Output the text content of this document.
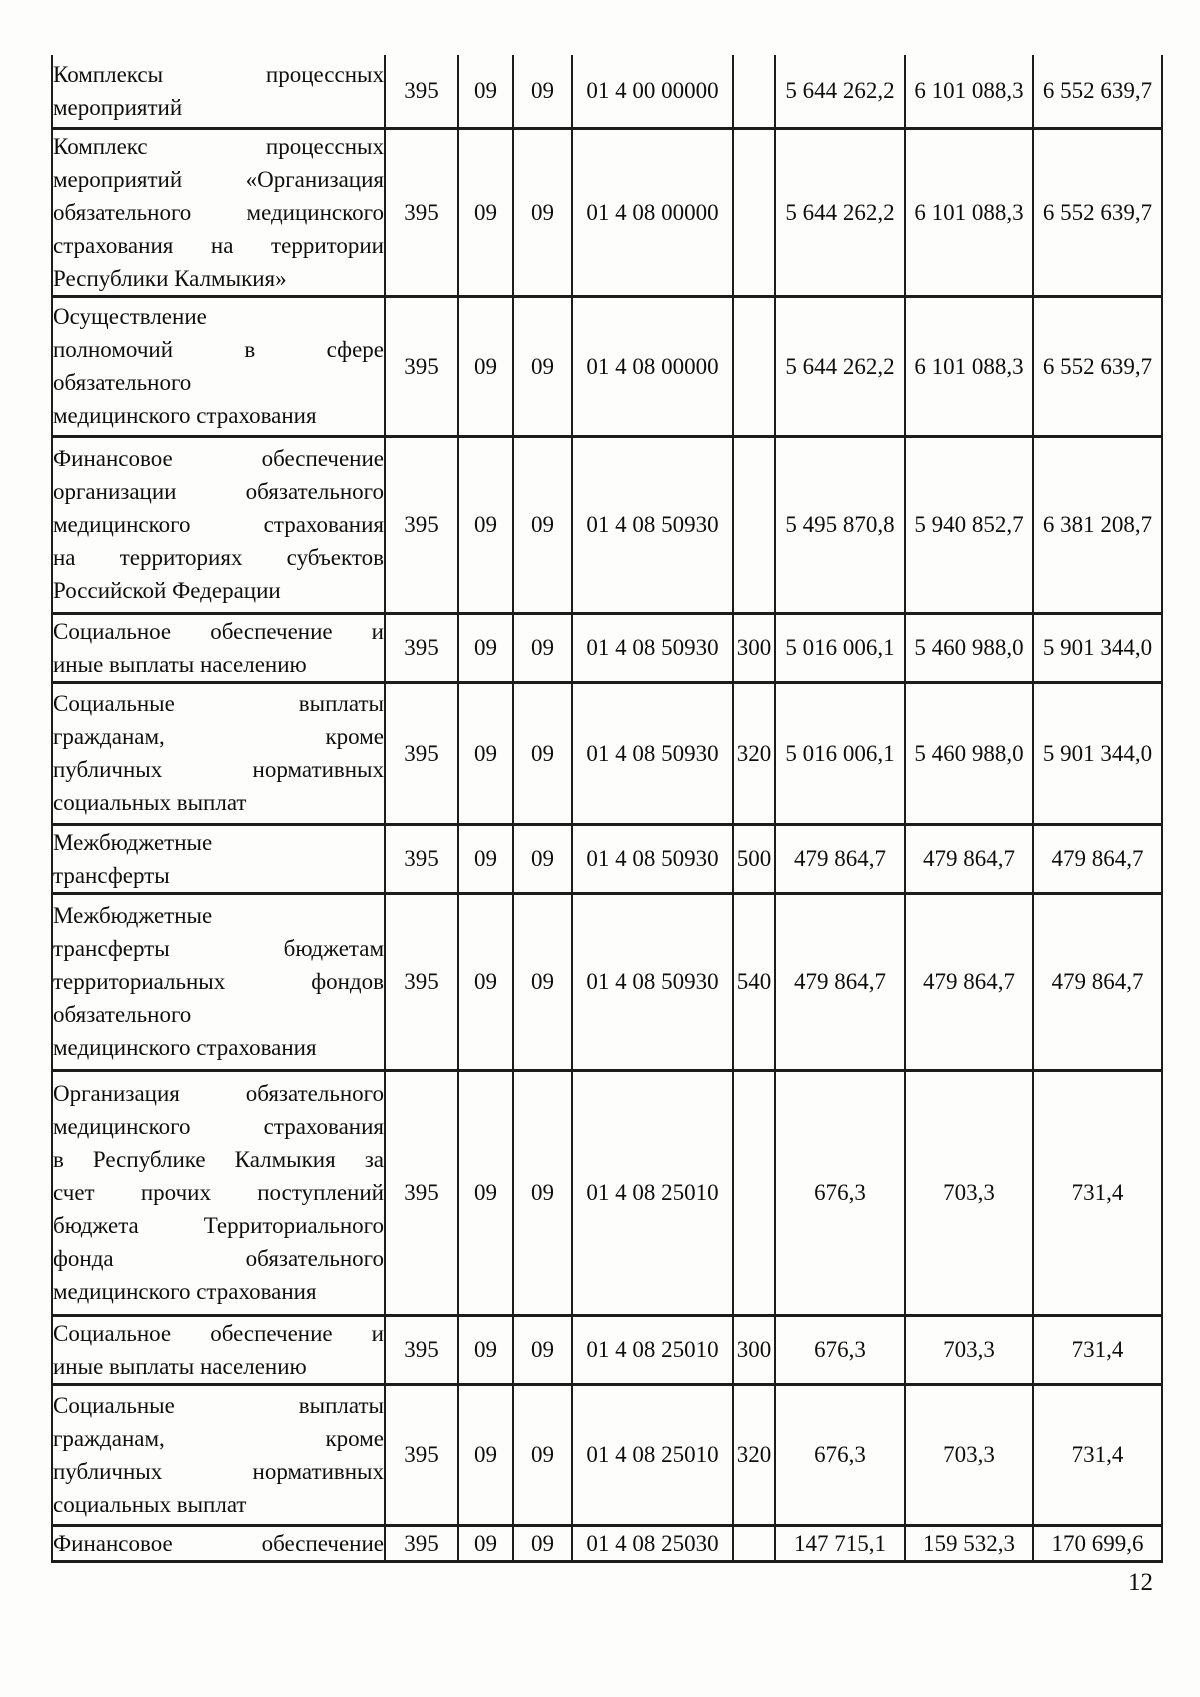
Комплексы процессных
мероприятий	395	09	09	01 4 00 00000		5 644 262,2	6 101 088,3	6 552 639,7

Комплекс процессных
мероприятий «Организация
обязательного медицинского
страхования на территории
Республики Калмыкия»	395	09	09	01 4 08 00000		5 644 262,2	6 101 088,3	6 552 639,7

Осуществление
полномочий в сфере
обязательного
медицинского страхования	395	09	09	01 4 08 00000		5 644 262,2	6 101 088,3	6 552 639,7

Финансовое обеспечение
организации обязательного
медицинского страхования
на территориях субъектов
Российской Федерации	395	09	09	01 4 08 50930		5 495 870,8	5 940 852,7	6 381 208,7

Социальное обеспечение и
иные выплаты населению	395	09	09	01 4 08 50930	300	5 016 006,1	5 460 988,0	5 901 344,0

Социальные выплаты
гражданам, кроме
публичных нормативных
социальных выплат	395	09	09	01 4 08 50930	320	5 016 006,1	5 460 988,0	5 901 344,0

Межбюджетные
трансферты	395	09	09	01 4 08 50930	500	479 864,7	479 864,7	479 864,7

Межбюджетные
трансферты бюджетам
территориальных фондов
обязательного
медицинского страхования	395	09	09	01 4 08 50930	540	479 864,7	479 864,7	479 864,7

Организация обязательного
медицинского страхования
в Республике Калмыкия за
счет прочих поступлений
бюджета Территориального
фонда обязательного
медицинского страхования
	395	09	09	01 4 08 25010		676,3	703,3	731,4

Социальное обеспечение и
иные выплаты населению	395	09	09	01 4 08 25010	300	676,3	703,3	731,4

Социальные выплаты
гражданам, кроме
публичных нормативных
социальных выплат	395	09	09	01 4 08 25010	320	676,3	703,3	731,4

Финансовое обеспечение	395	09	09	01 4 08 25030		147 715,1	159 532,3	170 699,6
12
